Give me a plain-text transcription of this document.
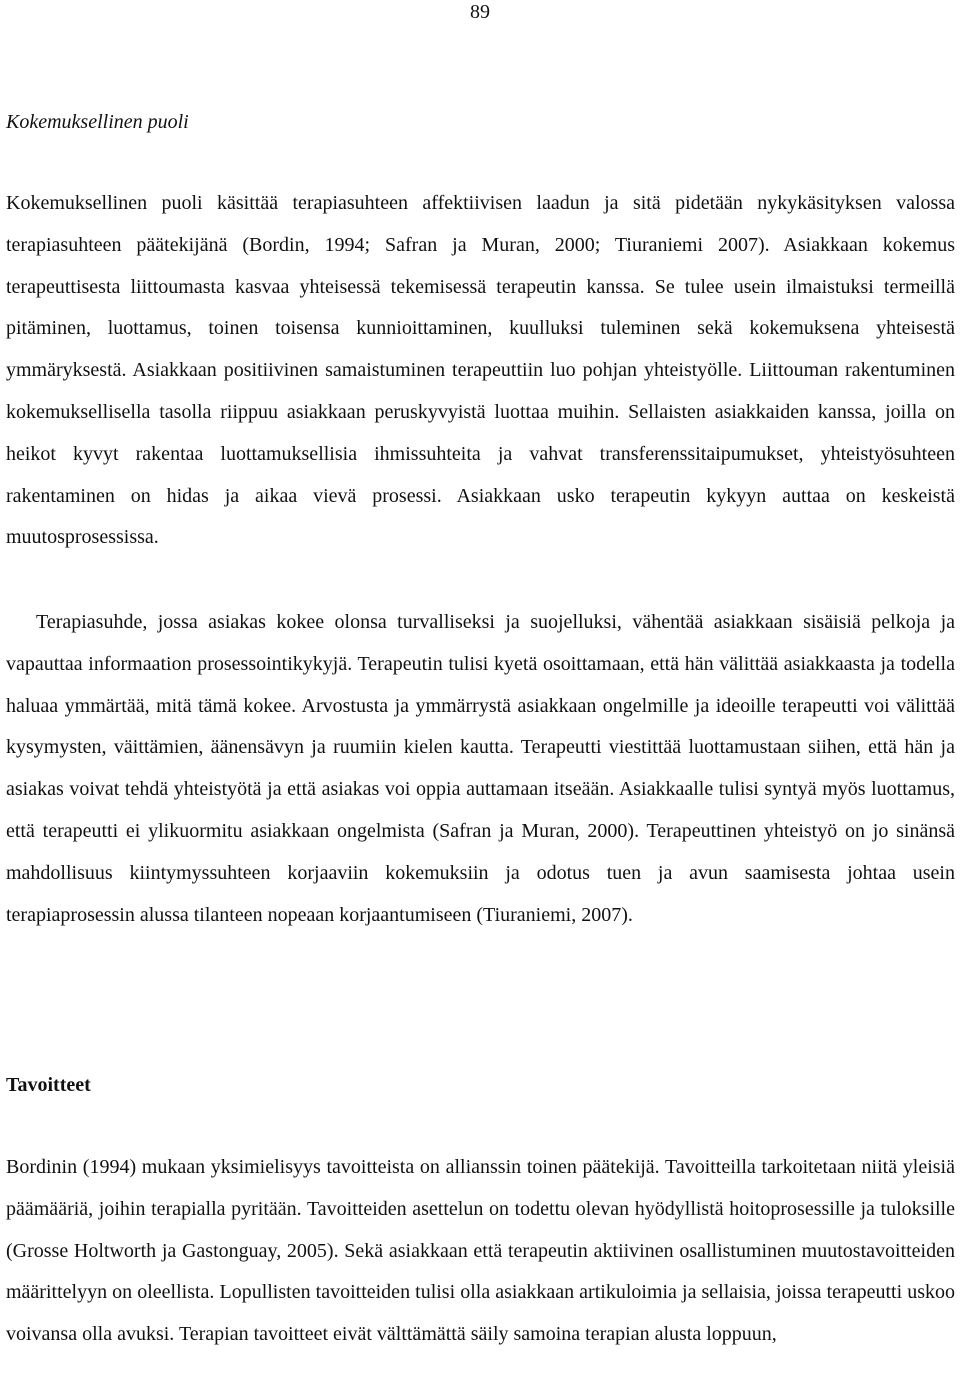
89
Kokemuksellinen puoli

Kokemuksellinen puoli käsittää terapiasuhteen affektiivisen laadun ja sitä pidetään nykykäsityksen valossa terapiasuhteen päätekijänä (Bordin, 1994; Safran ja Muran, 2000; Tiuraniemi 2007). Asiakkaan kokemus terapeuttisesta liittoumasta kasvaa yhteisessä tekemisessä terapeutin kanssa. Se tulee usein ilmaistuksi termeillä pitäminen, luottamus, toinen toisensa kunnioittaminen, kuulluksi tuleminen sekä kokemuksena yhteisestä ymmäryksestä. Asiakkaan positiivinen samaistuminen terapeuttiin luo pohjan yhteistyölle. Liittouman rakentuminen kokemuksellisella tasolla riippuu asiakkaan peruskyvyistä luottaa muihin. Sellaisten asiakkaiden kanssa, joilla on heikot kyvyt rakentaa luottamuksellisia ihmissuhteita ja vahvat transferenssitaipumukset, yhteistyösuhteen rakentaminen on hidas ja aikaa vievä prosessi. Asiakkaan usko terapeutin kykyyn auttaa on keskeistä muutosprosessissa.

Terapiasuhde, jossa asiakas kokee olonsa turvalliseksi ja suojelluksi, vähentää asiakkaan sisäisiä pelkoja ja vapauttaa informaation prosessointikykyjä. Terapeutin tulisi kyetä osoittamaan, että hän välittää asiakkaasta ja todella haluaa ymmärtää, mitä tämä kokee. Arvostusta ja ymmärrystä asiakkaan ongelmille ja ideoille terapeutti voi välittää kysymysten, väittämien, äänensävyn ja ruumiin kielen kautta. Terapeutti viestittää luottamustaan siihen, että hän ja asiakas voivat tehdä yhteistyötä ja että asiakas voi oppia auttamaan itseään. Asiakkaalle tulisi syntyä myös luottamus, että terapeutti ei ylikuormitu asiakkaan ongelmista (Safran ja Muran, 2000). Terapeuttinen yhteistyö on jo sinänsä mahdollisuus kiintymyssuhteen korjaaviin kokemuksiin ja odotus tuen ja avun saamisesta johtaa usein terapiaprosessin alussa tilanteen nopeaan korjaantumiseen (Tiuraniemi, 2007).

Tavoitteet

Bordinin (1994) mukaan yksimielisyys tavoitteista on allianssin toinen päätekijä. Tavoitteilla tarkoitetaan niitä yleisiä päämääriä, joihin terapialla pyritään. Tavoitteiden asettelun on todettu olevan hyödyllistä hoitoprosessille ja tuloksille (Grosse Holtworth ja Gastonguay, 2005). Sekä asiakkaan että terapeutin aktiivinen osallistuminen muutostavoitteiden määrittelyyn on oleellista. Lopullisten tavoitteiden tulisi olla asiakkaan artikuloimia ja sellaisia, joissa terapeutti uskoo voivansa olla avuksi. Terapian tavoitteet eivät välttämättä säily samoina terapian alusta loppuun,
